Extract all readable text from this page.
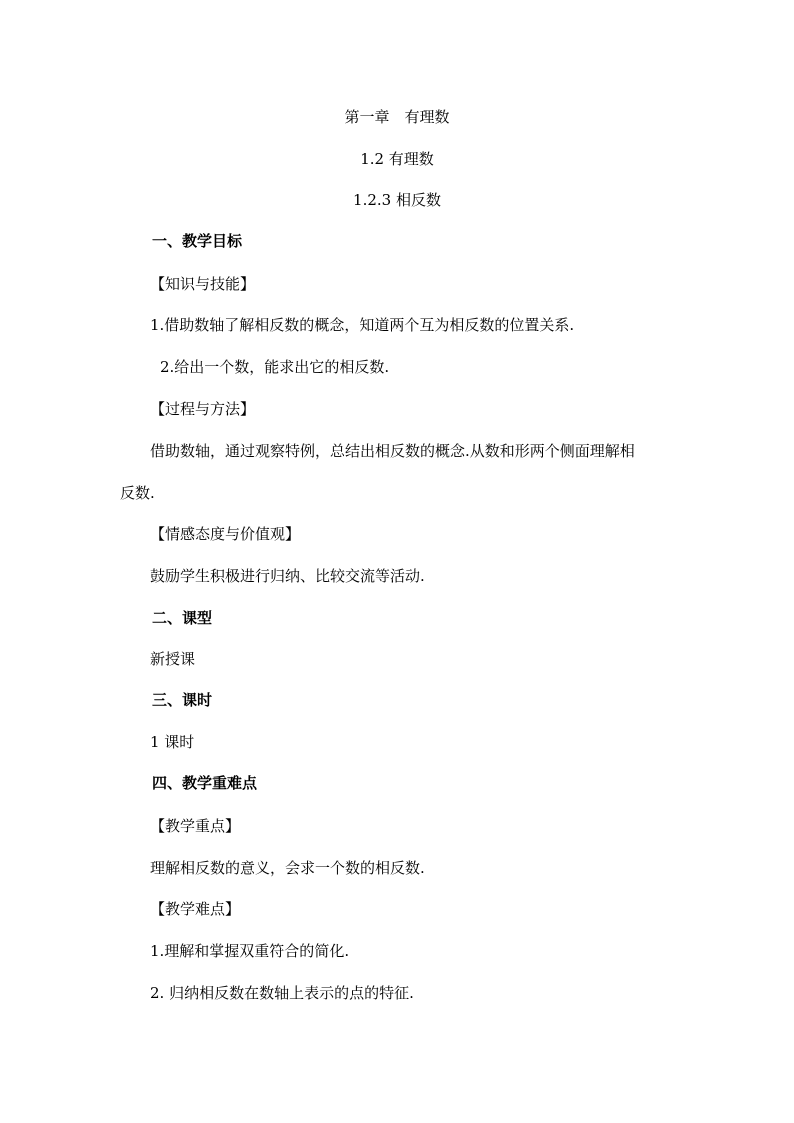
第一章　有理数
1.2 有理数
1.2.3 相反数
一、教学目标
【知识与技能】
1.借助数轴了解相反数的概念，知道两个互为相反数的位置关系.
2.给出一个数，能求出它的相反数.
【过程与方法】
借助数轴，通过观察特例，总结出相反数的概念.从数和形两个侧面理解相
反数.
【情感态度与价值观】
鼓励学生积极进行归纳、比较交流等活动.
二、课型
新授课
三、课时
1 课时
四、教学重难点
【教学重点】
理解相反数的意义，会求一个数的相反数.
【教学难点】
1.理解和掌握双重符合的简化.
2. 归纳相反数在数轴上表示的点的特征.
